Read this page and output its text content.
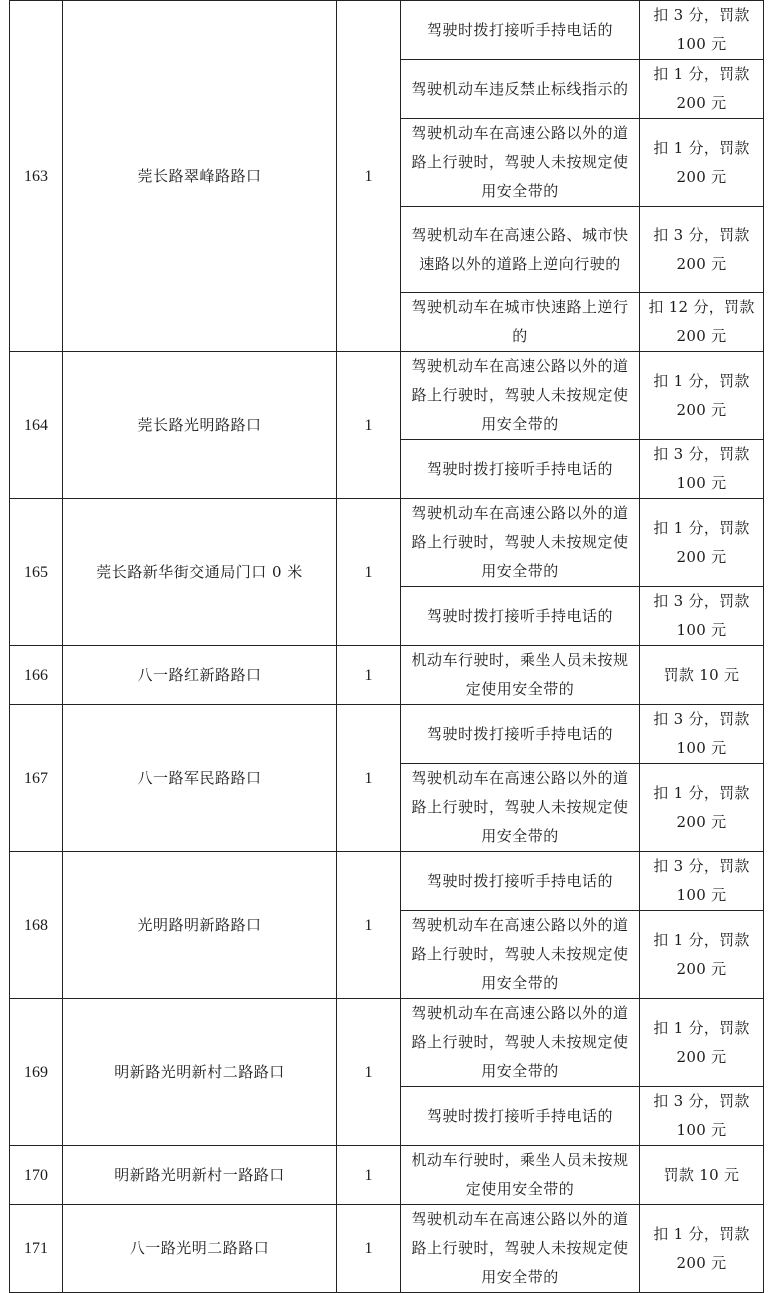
163	莞长路翠峰路路口	1	驾驶时拨打接听手持电话的	扣 3 分，罚款 100 元
			驾驶机动车违反禁止标线指示的	扣 1 分，罚款 200 元
			驾驶机动车在高速公路以外的道路上行驶时，驾驶人未按规定使用安全带的	扣 1 分，罚款 200 元
			驾驶机动车在高速公路、城市快速路以外的道路上逆向行驶的	扣 3 分，罚款 200 元
			驾驶机动车在城市快速路上逆行的	扣 12 分，罚款 200 元
164	莞长路光明路路口	1	驾驶机动车在高速公路以外的道路上行驶时，驾驶人未按规定使用安全带的	扣 1 分，罚款 200 元
			驾驶时拨打接听手持电话的	扣 3 分，罚款 100 元
165	莞长路新华街交通局门口 0 米	1	驾驶机动车在高速公路以外的道路上行驶时，驾驶人未按规定使用安全带的	扣 1 分，罚款 200 元
			驾驶时拨打接听手持电话的	扣 3 分，罚款 100 元
166	八一路红新路路口	1	机动车行驶时，乘坐人员未按规定使用安全带的	罚款 10 元
167	八一路军民路路口	1	驾驶时拨打接听手持电话的	扣 3 分，罚款 100 元
			驾驶机动车在高速公路以外的道路上行驶时，驾驶人未按规定使用安全带的	扣 1 分，罚款 200 元
168	光明路明新路路口	1	驾驶时拨打接听手持电话的	扣 3 分，罚款 100 元
			驾驶机动车在高速公路以外的道路上行驶时，驾驶人未按规定使用安全带的	扣 1 分，罚款 200 元
169	明新路光明新村二路路口	1	驾驶机动车在高速公路以外的道路上行驶时，驾驶人未按规定使用安全带的	扣 1 分，罚款 200 元
			驾驶时拨打接听手持电话的	扣 3 分，罚款 100 元
170	明新路光明新村一路路口	1	机动车行驶时，乘坐人员未按规定使用安全带的	罚款 10 元
171	八一路光明二路路口	1	驾驶机动车在高速公路以外的道路上行驶时，驾驶人未按规定使用安全带的	扣 1 分，罚款 200 元
